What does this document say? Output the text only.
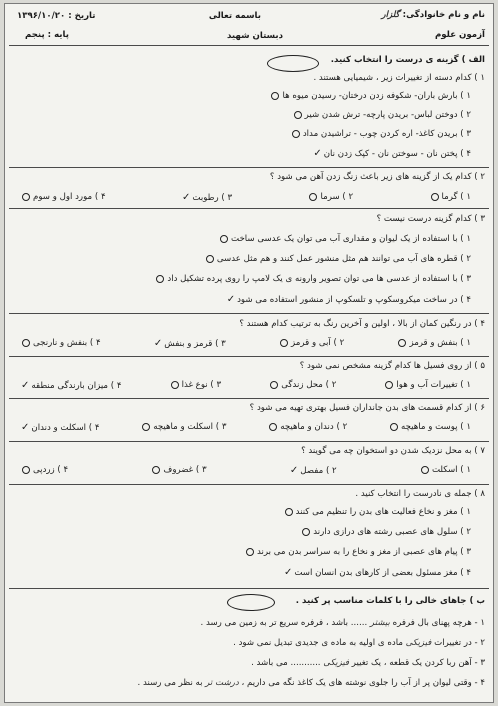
نام و نام خانوادگی: گلزار
باسمه تعالی
تاریخ : ۱۳۹۶/۱۰/۲۰
آزمون علوم
دبستان شهید
پایه : پنجم
الف ) گزینه ی درست را انتخاب کنید.
۱ ) کدام دسته از تغییرات زیر ، شیمیایی هستند .
۱ ) بارش باران- شکوفه زدن درختان- رسیدن میوه ها
۲ ) دوختن لباس- بریدن پارچه- ترش شدن شیر
۳ ) بریدن کاغذ- اره کردن چوب - تراشیدن مداد
۴ ) پختن نان - سوختن نان - کپک زدن نان✓
۲ ) کدام یک از گزینه های زیر باعث زنگ زدن آهن می شود ؟
۱ ) گرما
۲ ) سرما
۳ ) رطوبت✓
۴ ) مورد اول و سوم
۳ ) کدام گزینه درست نیست ؟
۱ ) با استفاده از یک لیوان و مقداری آب می توان یک عدسی ساخت
۲ ) قطره های آب می توانند هم مثل منشور عمل کنند و هم مثل عدسی
۳ ) با استفاده از عدسی ها می توان تصویر وارونه ی یک لامپ را روی پرده تشکیل داد
۴ ) در ساخت میکروسکوپ و تلسکوپ از منشور استفاده می شود✓
۴ ) در رنگین کمان از بالا ، اولین و آخرین رنگ به ترتیب کدام هستند ؟
۱ ) بنفش و قرمز
۲ ) آبی و قرمز
۳ ) قرمز و بنفش✓
۴ ) بنفش و نارنجی
۵ ) از روی فسیل ها کدام گزینه مشخص نمی شود ؟
۱ ) تغییرات آب و هوا
۲ ) محل زندگی
۳ ) نوع غذا
۴ ) میزان بارندگی منطقه✓
۶ ) از کدام قسمت های بدن جانداران فسیل بهتری تهیه می شود ؟
۱ ) پوست و ماهیچه
۲ ) دندان و ماهیچه
۳ ) اسکلت و ماهیچه
۴ ) اسکلت و دندان✓
۷ ) به محل نزدیک شدن دو استخوان چه می گویند ؟
۱ ) اسکلت
۲ ) مفصل✓
۳ ) غضروف
۴ ) زردپی
۸ ) جمله ی نادرست را انتخاب کنید .
۱ ) مغز و نخاع فعالیت های بدن را تنظیم می کنند
۲ ) سلول های عصبی رشته های درازی دارند
۳ ) پیام های عصبی از مغز و نخاع را به سراسر بدن می برند
۴ ) مغز مسئول بعضی از کارهای بدن انسان است✓
ب ) جاهای خالی را با کلمات مناسب پر کنید .
۱ - هرچه پهنای بال فرفره بیشتر ...... باشد ، فرفره سریع تر به زمین می رسد .
۲ - در تغییرات فیزیکی ماده ی اولیه به ماده ی جدیدی تبدیل نمی شود .
۳ - آهن ربا کردن یک قطعه ، یک تغییر فیزیکی ........... می باشد .
۴ - وقتی لیوان پر از آب را جلوی نوشته های یک کاغذ نگه می داریم ، درشت تر به نظر می رسند .
